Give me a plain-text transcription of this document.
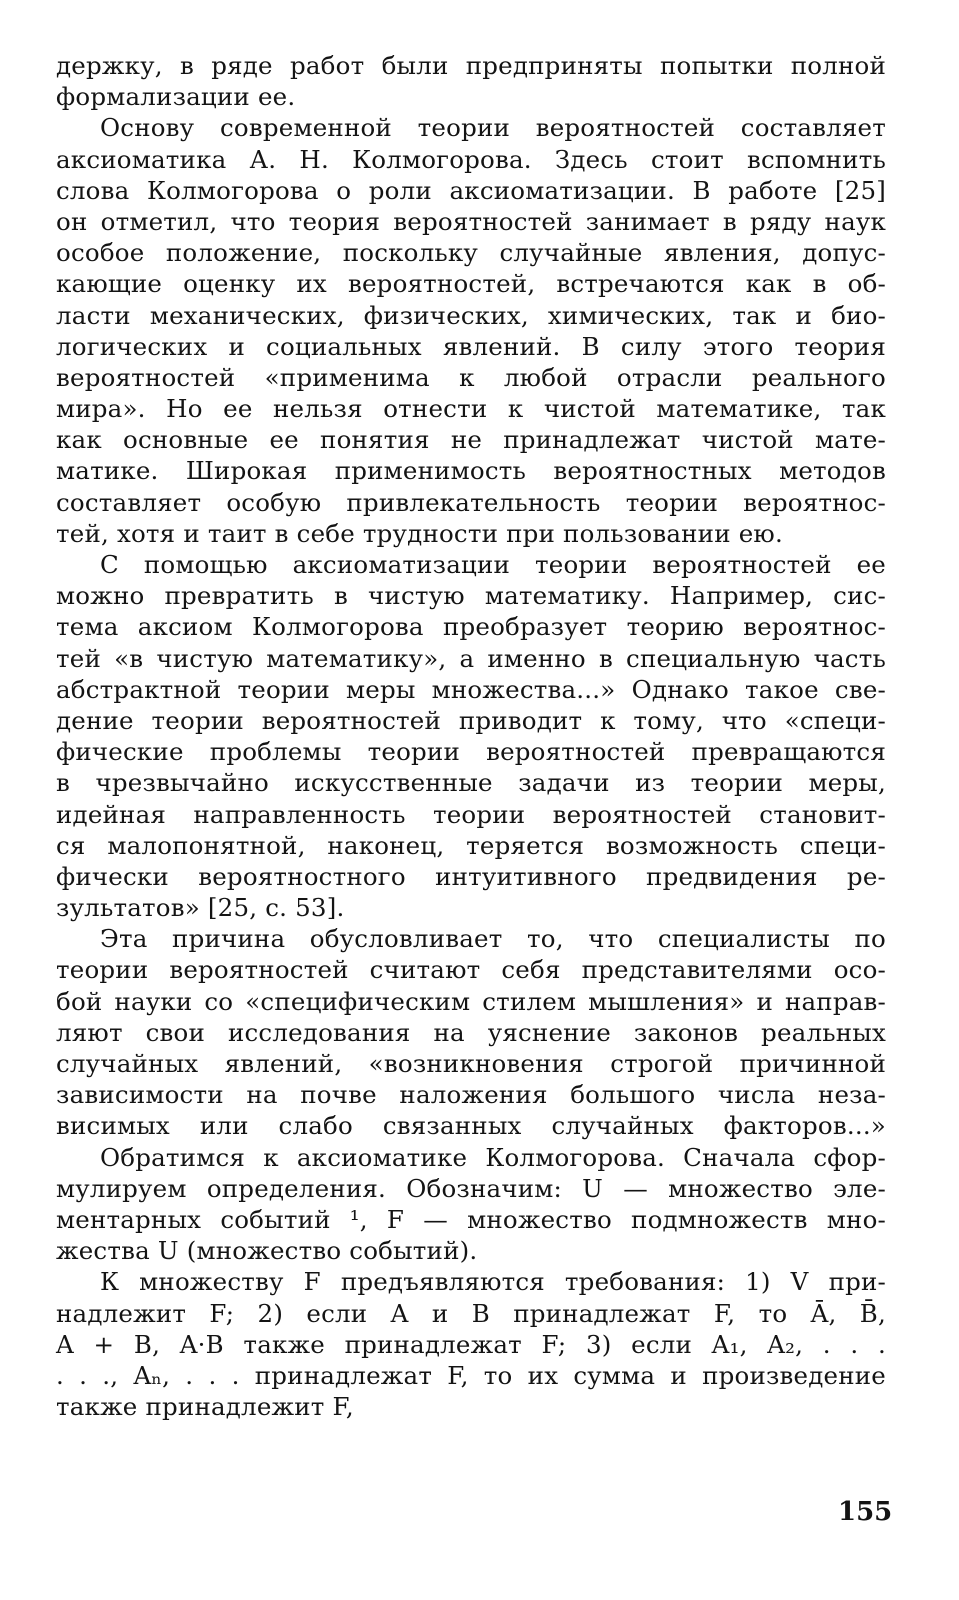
держку, в ряде работ были предприняты попытки полной
формализации ее.
Основу современной теории вероятностей составляет
аксиоматика А. Н. Колмогорова. Здесь стоит вспомнить
слова Колмогорова о роли аксиоматизации. В работе [25]
он отметил, что теория вероятностей занимает в ряду наук
особое положение, поскольку случайные явления, допус-
кающие оценку их вероятностей, встречаются как в об-
ласти механических, физических, химических, так и био-
логических и социальных явлений. В силу этого теория
вероятностей «применима к любой отрасли реального
мира». Но ее нельзя отнести к чистой математике, так
как основные ее понятия не принадлежат чистой мате-
матике. Широкая применимость вероятностных методов
составляет особую привлекательность теории вероятнос-
тей, хотя и таит в себе трудности при пользовании ею.
С помощью аксиоматизации теории вероятностей ее
можно превратить в чистую математику. Например, сис-
тема аксиом Колмогорова преобразует теорию вероятнос-
тей «в чистую математику», а именно в специальную часть
абстрактной теории меры множества...» Однако такое све-
дение теории вероятностей приводит к тому, что «специ-
фические проблемы теории вероятностей превращаются
в чрезвычайно искусственные задачи из теории меры,
идейная направленность теории вероятностей становит-
ся малопонятной, наконец, теряется возможность специ-
фически вероятностного интуитивного предвидения ре-
зультатов» [25, с. 53].
Эта причина обусловливает то, что специалисты по
теории вероятностей считают себя представителями осо-
бой науки со «специфическим стилем мышления» и направ-
ляют свои исследования на уяснение законов реальных
случайных явлений, «возникновения строгой причинной
зависимости на почве наложения большого числа неза-
висимых или слабо связанных случайных факторов...»
Обратимся к аксиоматике Колмогорова. Сначала сфор-
мулируем определения. Обозначим: U — множество эле-
ментарных событий ¹, F — множество подмножеств мно-
жества U (множество событий).
К множеству F предъявляются требования: 1) V при-
надлежит F; 2) если A и B принадлежат F, то Ā, B̄,
A + B, A·B также принадлежат F; 3) если A₁, A₂, . . .
. . ., Aₙ, . . . принадлежат F, то их сумма и произведение
также принадлежит F,
155
